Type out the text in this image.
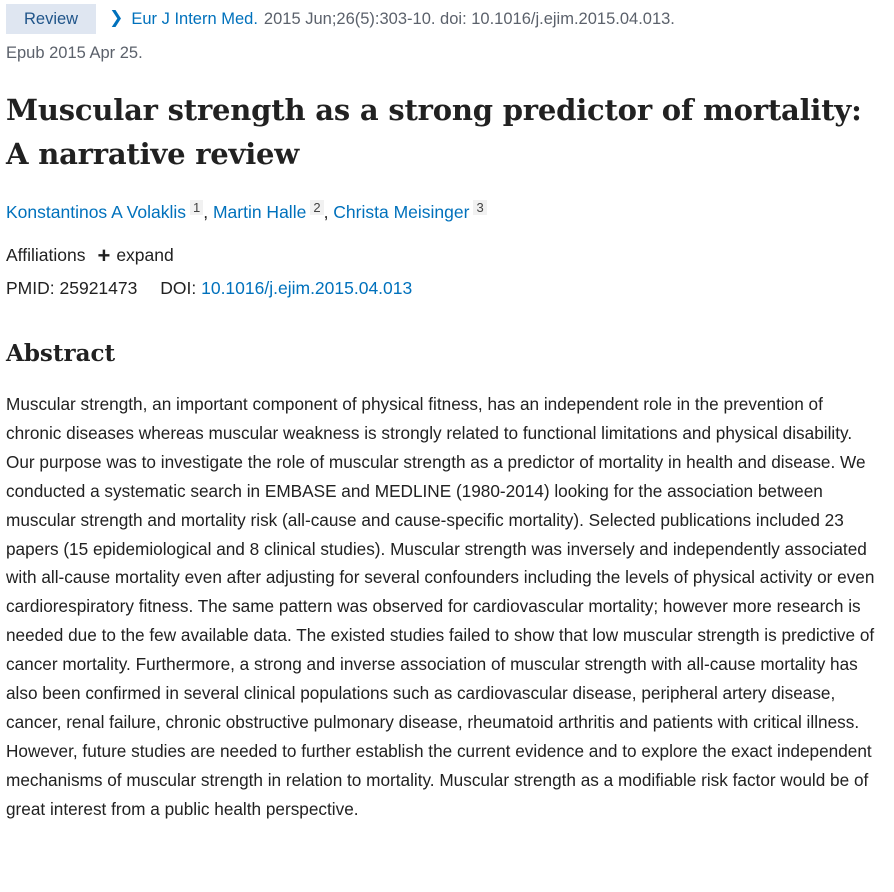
Review	❯ Eur J Intern Med. 2015 Jun;26(5):303-10. doi: 10.1016/j.ejim.2015.04.013.
Epub 2015 Apr 25.
Muscular strength as a strong predictor of mortality: A narrative review
Konstantinos A Volaklis 1 , Martin Halle 2 , Christa Meisinger 3
Affiliations + expand
PMID: 25921473 DOI: 10.1016/j.ejim.2015.04.013
Abstract

Muscular strength, an important component of physical fitness, has an independent role in the prevention of chronic diseases whereas muscular weakness is strongly related to functional limitations and physical disability. Our purpose was to investigate the role of muscular strength as a predictor of mortality in health and disease. We conducted a systematic search in EMBASE and MEDLINE (1980-2014) looking for the association between muscular strength and mortality risk (all-cause and cause-specific mortality). Selected publications included 23 papers (15 epidemiological and 8 clinical studies). Muscular strength was inversely and independently associated with all-cause mortality even after adjusting for several confounders including the levels of physical activity or even cardiorespiratory fitness. The same pattern was observed for cardiovascular mortality; however more research is needed due to the few available data. The existed studies failed to show that low muscular strength is predictive of cancer mortality. Furthermore, a strong and inverse association of muscular strength with all-cause mortality has also been confirmed in several clinical populations such as cardiovascular disease, peripheral artery disease, cancer, renal failure, chronic obstructive pulmonary disease, rheumatoid arthritis and patients with critical illness. However, future studies are needed to further establish the current evidence and to explore the exact independent mechanisms of muscular strength in relation to mortality. Muscular strength as a modifiable risk factor would be of great interest from a public health perspective.
